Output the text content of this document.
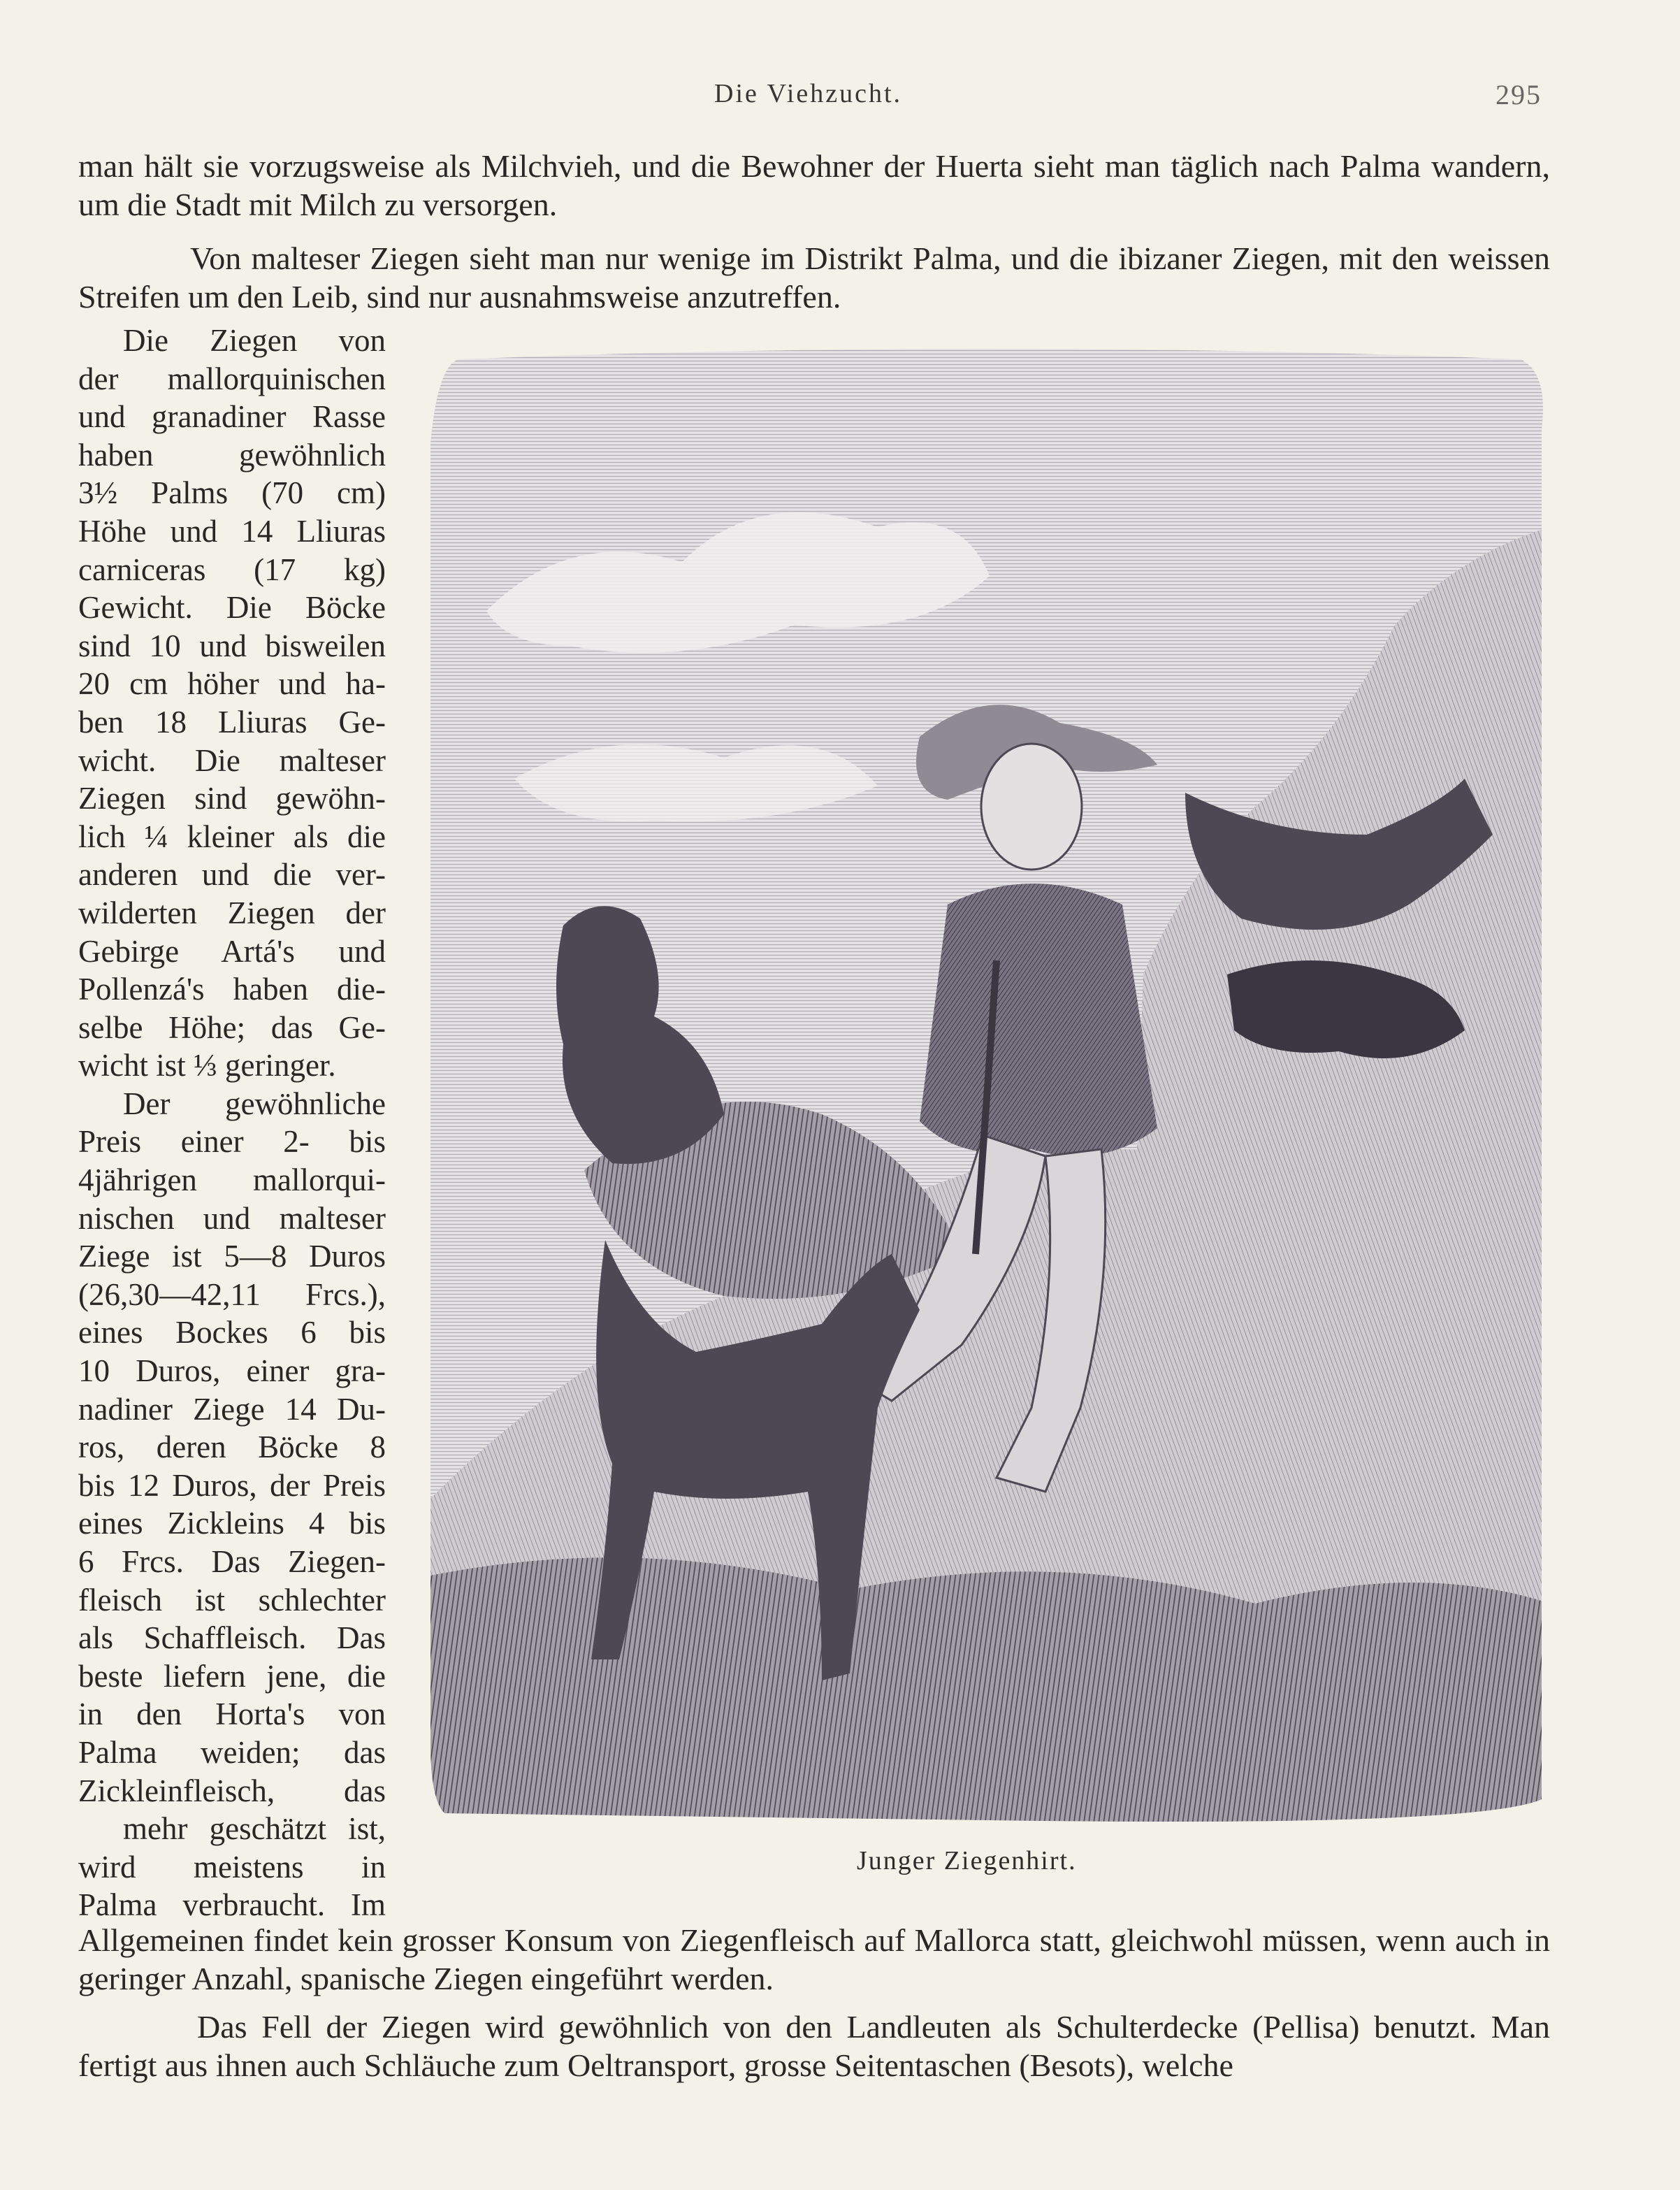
Die Viehzucht.	295

man hält sie vorzugsweise als Milchvieh, und die Bewohner der Huerta sieht man täglich nach Palma wandern, um die Stadt mit Milch zu versorgen.

Von malteser Ziegen sieht man nur wenige im Distrikt Palma, und die ibizaner Ziegen, mit den weissen Streifen um den Leib, sind nur ausnahmsweise anzutreffen.

Die Ziegen von
der mallorquinischen
und granadiner Rasse
haben gewöhnlich
3½ Palms (70 cm)
Höhe und 14 Lliuras
carniceras (17 kg)
Gewicht. Die Böcke
sind 10 und bisweilen
20 cm höher und ha-
ben 18 Lliuras Ge-
wicht. Die malteser
Ziegen sind gewöhn-
lich ¼ kleiner als die
anderen und die ver-
wilderten Ziegen der
Gebirge Artá's und
Pollenzá's haben die-
selbe Höhe; das Ge-
wicht ist ⅓ geringer.
Der gewöhnliche
Preis einer 2- bis
4jährigen mallorqui-
nischen und malteser
Ziege ist 5—8 Duros
(26,30—42,11 Frcs.),
eines Bockes 6 bis
10 Duros, einer gra-
nadiner Ziege 14 Du-
ros, deren Böcke 8
bis 12 Duros, der Preis
eines Zickleins 4 bis
6 Frcs. Das Ziegen-
fleisch ist schlechter
als Schaffleisch. Das
beste liefern jene, die
in den Horta's von
Palma weiden; das
Zickleinfleisch, das
mehr geschätzt ist,
wird meistens in
Palma verbraucht. Im
Junger Ziegenhirt.

Allgemeinen findet kein grosser Konsum von Ziegenfleisch auf Mallorca statt, gleichwohl müssen, wenn auch in geringer Anzahl, spanische Ziegen eingeführt werden.

Das Fell der Ziegen wird gewöhnlich von den Landleuten als Schulterdecke (Pellisa) benutzt. Man fertigt aus ihnen auch Schläuche zum Oeltransport, grosse Seitentaschen (Besots), welche
